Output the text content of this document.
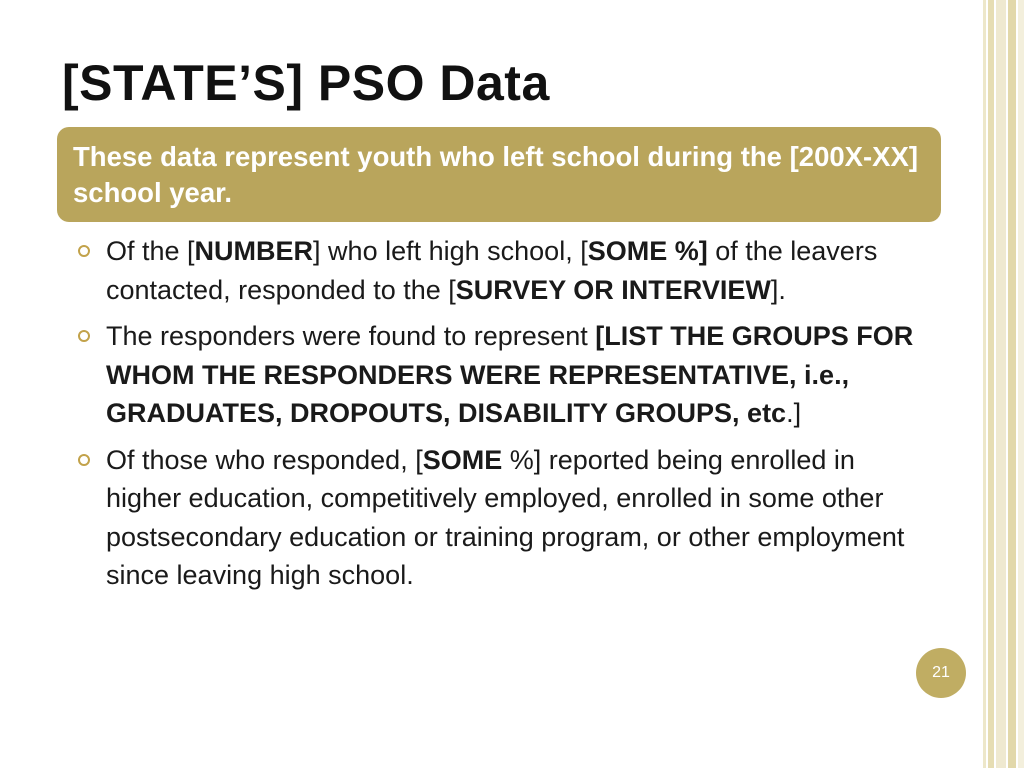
[STATE’S] PSO Data
These data represent youth who left school during the [200X-XX] school year.
Of the [NUMBER] who left high school, [SOME %] of the leavers contacted, responded to the [SURVEY OR INTERVIEW].
The responders were found to represent [LIST THE GROUPS FOR WHOM THE RESPONDERS WERE REPRESENTATIVE, i.e., GRADUATES, DROPOUTS, DISABILITY GROUPS, etc.]
Of those who responded, [SOME %] reported being enrolled in higher education, competitively employed, enrolled in some other postsecondary education or training program, or other employment since leaving high school.
21
